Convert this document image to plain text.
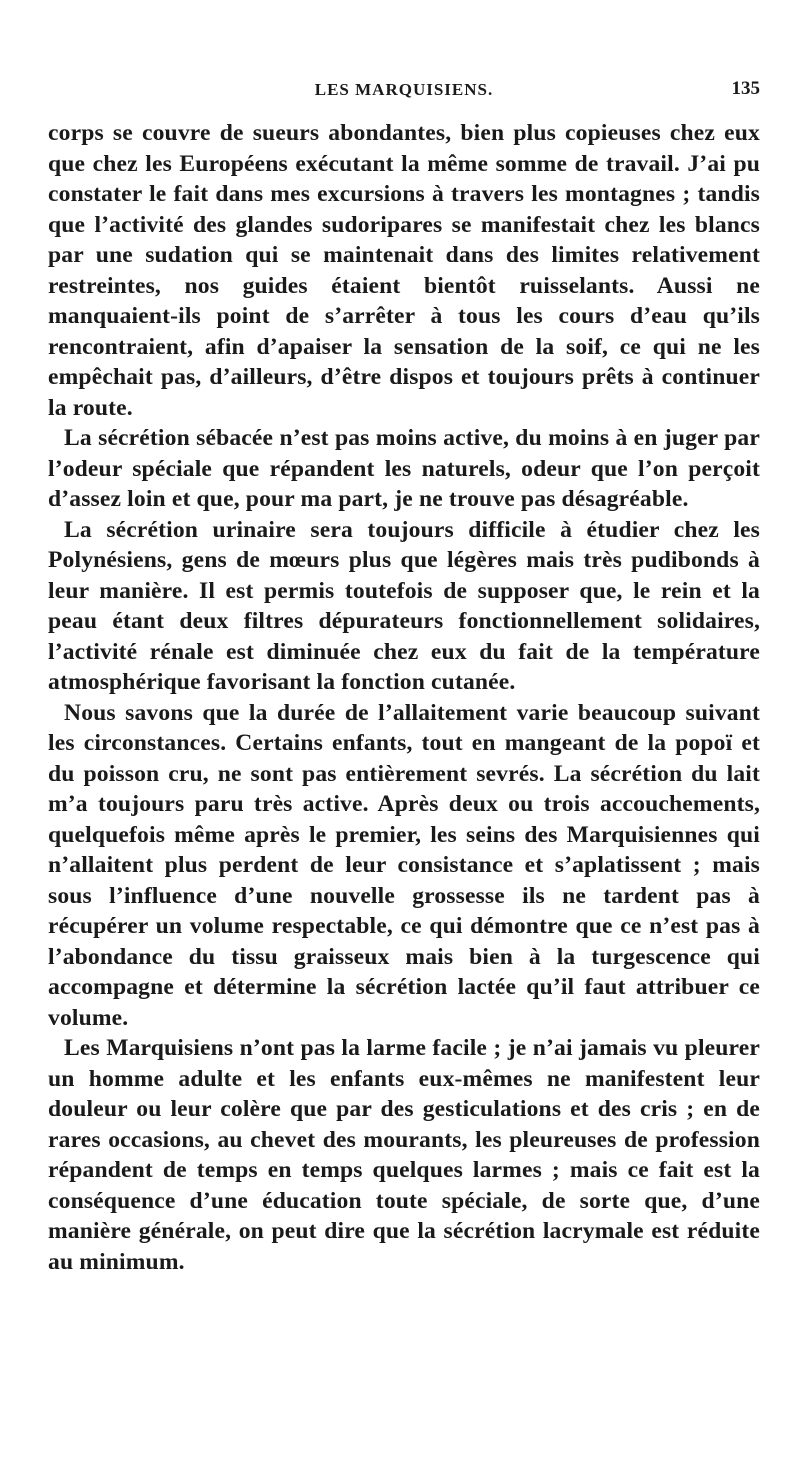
LES MARQUISIENS.	135

corps se couvre de sueurs abondantes, bien plus copieuses chez eux que chez les Européens exécutant la même somme de travail. J’ai pu constater le fait dans mes excursions à travers les montagnes ; tandis que l’activité des glandes sudoripares se manifestait chez les blancs par une sudation qui se maintenait dans des limites relativement restreintes, nos guides étaient bientôt ruisselants. Aussi ne manquaient-ils point de s’arrêter à tous les cours d’eau qu’ils rencontraient, afin d’apaiser la sensation de la soif, ce qui ne les empêchait pas, d’ailleurs, d’être dispos et toujours prêts à continuer la route.

La sécrétion sébacée n’est pas moins active, du moins à en juger par l’odeur spéciale que répandent les naturels, odeur que l’on perçoit d’assez loin et que, pour ma part, je ne trouve pas désagréable.

La sécrétion urinaire sera toujours difficile à étudier chez les Polynésiens, gens de mœurs plus que légères mais très pudibonds à leur manière. Il est permis toutefois de supposer que, le rein et la peau étant deux filtres dépurateurs fonctionnellement solidaires, l’activité rénale est diminuée chez eux du fait de la température atmosphérique favorisant la fonction cutanée.

Nous savons que la durée de l’allaitement varie beaucoup suivant les circonstances. Certains enfants, tout en mangeant de la popoï et du poisson cru, ne sont pas entièrement sevrés. La sécrétion du lait m’a toujours paru très active. Après deux ou trois accouchements, quelquefois même après le premier, les seins des Marquisiennes qui n’allaitent plus perdent de leur consistance et s’aplatissent ; mais sous l’influence d’une nouvelle grossesse ils ne tardent pas à récupérer un volume respectable, ce qui démontre que ce n’est pas à l’abondance du tissu graisseux mais bien à la turgescence qui accompagne et détermine la sécrétion lactée qu’il faut attribuer ce volume.

Les Marquisiens n’ont pas la larme facile ; je n’ai jamais vu pleurer un homme adulte et les enfants eux-mêmes ne manifestent leur douleur ou leur colère que par des gesticulations et des cris ; en de rares occasions, au chevet des mourants, les pleureuses de profession répandent de temps en temps quelques larmes ; mais ce fait est la conséquence d’une éducation toute spéciale, de sorte que, d’une manière générale, on peut dire que la sécrétion lacrymale est réduite au minimum.
